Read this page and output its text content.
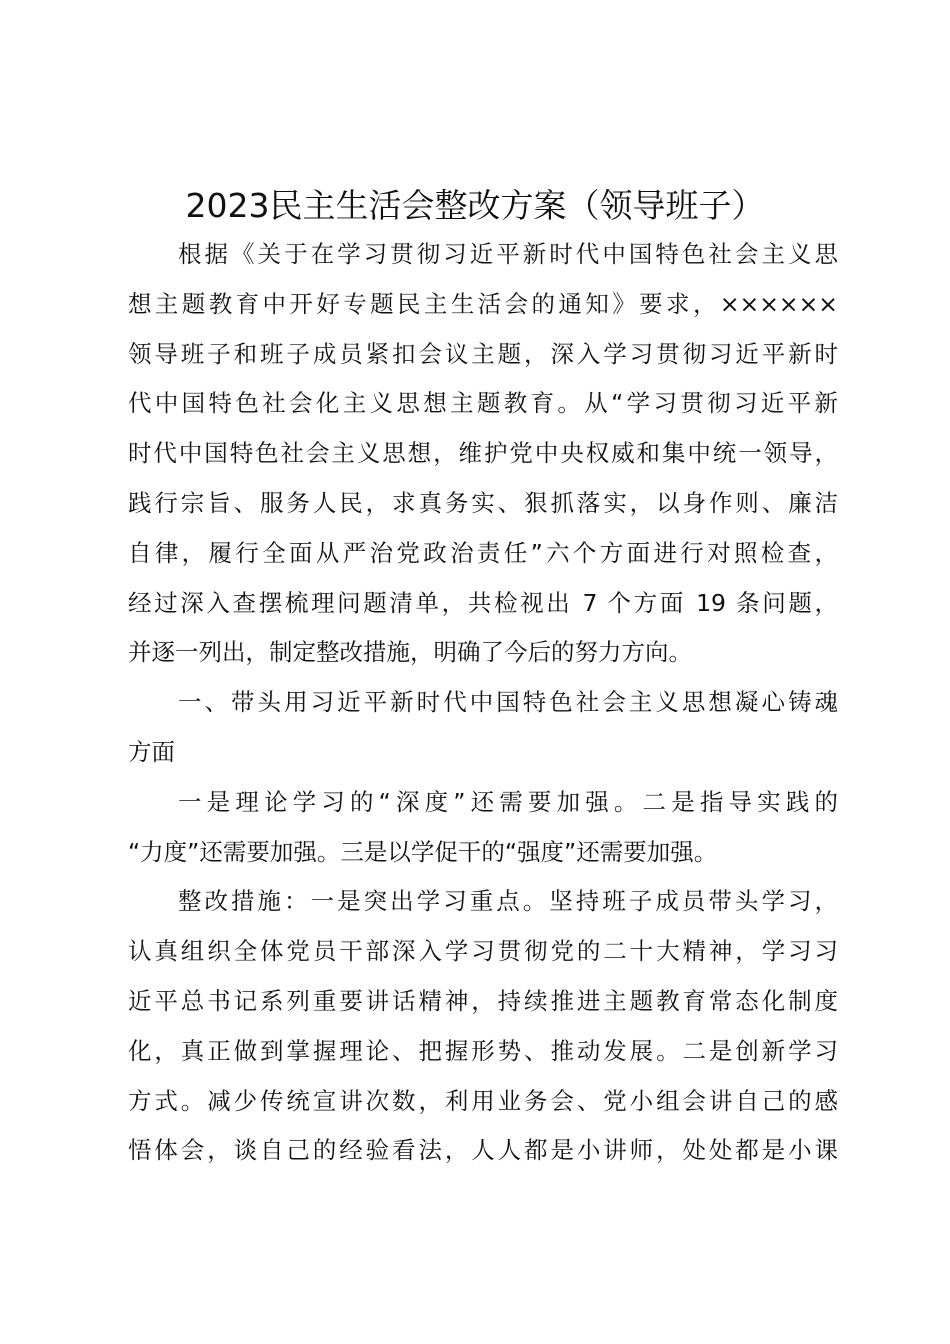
2023民主生活会整改方案（领导班子）
根据《关于在学习贯彻习近平新时代中国特色社会主义思
想主题教育中开好专题民主生活会的通知》要求，××××××
领导班子和班子成员紧扣会议主题，深入学习贯彻习近平新时
代中国特色社会化主义思想主题教育。从“学习贯彻习近平新
时代中国特色社会主义思想，维护党中央权威和集中统一领导，
践行宗旨、服务人民，求真务实、狠抓落实，以身作则、廉洁
自律，履行全面从严治党政治责任”六个方面进行对照检查，
经过深入查摆梳理问题清单，共检视出 7 个方面 19 条问题，
并逐一列出，制定整改措施，明确了今后的努力方向。
一、带头用习近平新时代中国特色社会主义思想凝心铸魂
方面
一是理论学习的“深度”还需要加强。二是指导实践的
“力度”还需要加强。三是以学促干的“强度”还需要加强。
整改措施：一是突出学习重点。坚持班子成员带头学习，
认真组织全体党员干部深入学习贯彻党的二十大精神，学习习
近平总书记系列重要讲话精神，持续推进主题教育常态化制度
化，真正做到掌握理论、把握形势、推动发展。二是创新学习
方式。减少传统宣讲次数，利用业务会、党小组会讲自己的感
悟体会，谈自己的经验看法，人人都是小讲师，处处都是小课
